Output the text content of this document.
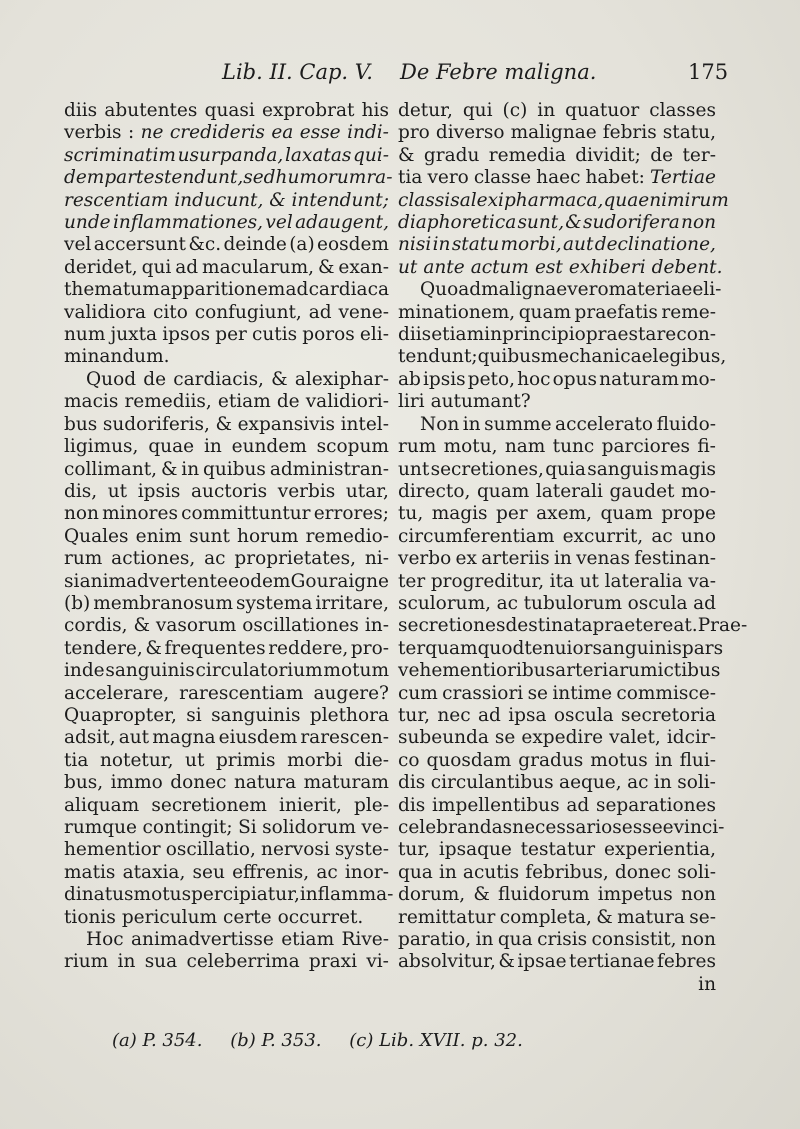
Lib. II. Cap. V. De Febre maligna.	175
diis abutentes quasi exprobrat his
verbis : ne credideris ea esse indi-
scriminatim usurpanda, laxatas qui-
dem partes tendunt, sed humorum ra-
rescentiam inducunt, & intendunt;
unde inflammationes, vel adaugent,
vel accersunt &c. deinde (a) eosdem
deridet, qui ad macularum, & exan-
thematum apparitionem ad cardiaca
validiora cito confugiunt, ad vene-
num juxta ipsos per cutis poros eli-
minandum.
Quod de cardiacis, & alexiphar-
macis remediis, etiam de validiori-
bus sudoriferis, & expansivis intel-
ligimus, quae in eundem scopum
collimant, & in quibus administran-
dis, ut ipsis auctoris verbis utar,
non minores committuntur errores;
Quales enim sunt horum remedio-
rum actiones, ac proprietates, ni-
si animadvertente eodem Gouraigne
(b) membranosum systema irritare,
cordis, & vasorum oscillationes in-
tendere, & frequentes reddere, pro-
inde sanguinis circulatorium motum
accelerare, rarescentiam augere?
Quapropter, si sanguinis plethora
adsit, aut magna eiusdem rarescen-
tia notetur, ut primis morbi die-
bus, immo donec natura maturam
aliquam secretionem inierit, ple-
rumque contingit; Si solidorum ve-
hementior oscillatio, nervosi syste-
matis ataxia, seu effrenis, ac inor-
dinatus motus percipiatur, inflamma-
tionis periculum certe occurret.
Hoc animadvertisse etiam Rive-
rium in sua celeberrima praxi vi-
detur, qui (c) in quatuor classes
pro diverso malignae febris statu,
& gradu remedia dividit; de ter-
tia vero classe haec habet: Tertiae
classis alexipharmaca, quae nimirum
diaphoretica sunt, & sudorifera non
nisi in statu morbi, aut declinatione,
ut ante actum est exhiberi debent.
Quoad malignae vero materiae eli-
minationem, quam praefatis reme-
diis etiam in principio praestare con-
tendunt; quibus mechanicae legibus,
ab ipsis peto, hoc opus naturam mo-
liri autumant?
Non in summe accelerato fluido-
rum motu, nam tunc parciores fi-
unt secretiones, quia sanguis magis
directo, quam laterali gaudet mo-
tu, magis per axem, quam prope
circumferentiam excurrit, ac uno
verbo ex arteriis in venas festinan-
ter progreditur, ita ut lateralia va-
sculorum, ac tubulorum oscula ad
secretiones destinata praetereat. Prae-
ter quam quod tenuior sanguinis pars
vehementioribus arteriarum ictibus
cum crassiori se intime commisce-
tur, nec ad ipsa oscula secretoria
subeunda se expedire valet, idcir-
co quosdam gradus motus in flui-
dis circulantibus aeque, ac in soli-
dis impellentibus ad separationes
celebrandas necessarios esse evinci-
tur, ipsaque testatur experientia,
qua in acutis febribus, donec soli-
dorum, & fluidorum impetus non
remittatur completa, & matura se-
paratio, in qua crisis consistit, non
absolvitur, & ipsae tertianae febres
in
(a) P. 354. (b) P. 353. (c) Lib. XVII. p. 32.
